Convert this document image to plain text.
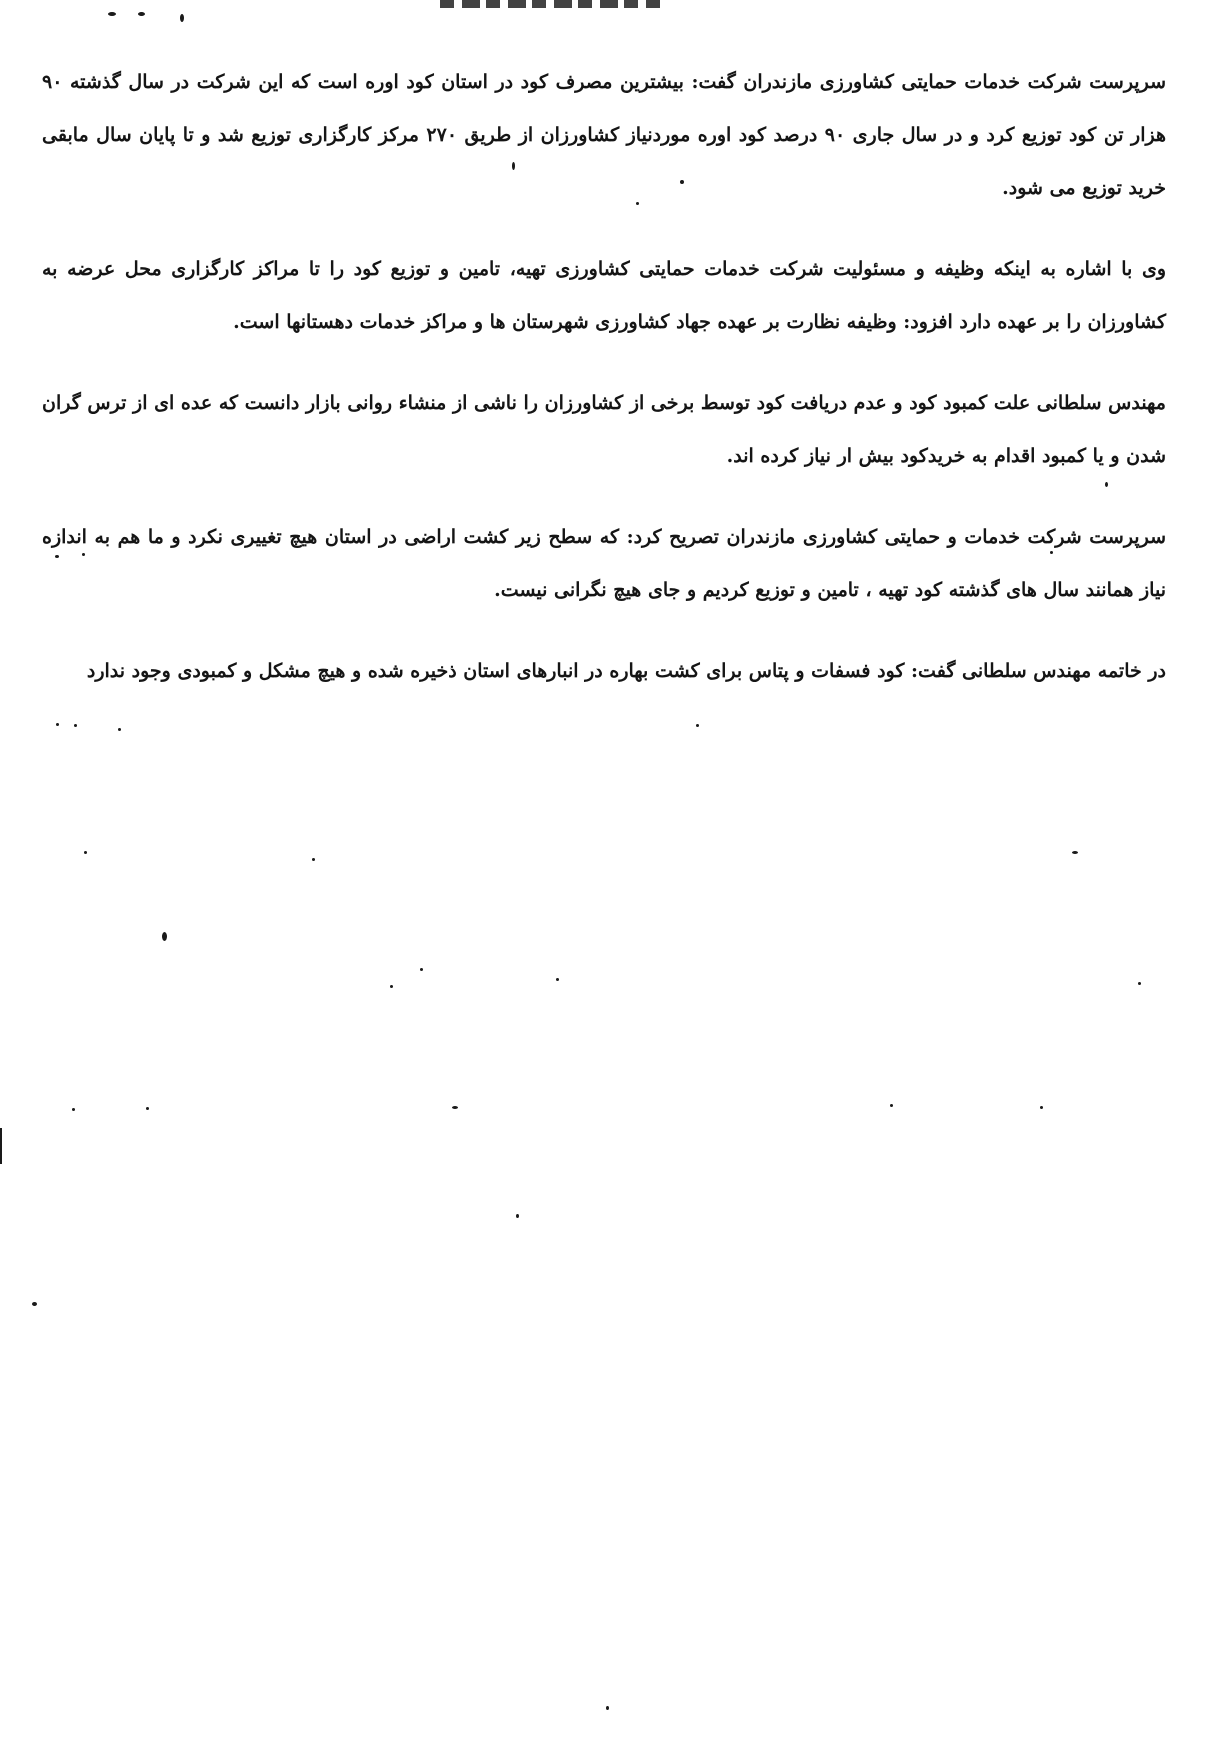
سرپرست شرکت خدمات حمایتی کشاورزی مازندران گفت: بیشترین مصرف کود در استان کود اوره است که این شرکت در سال گذشته ۹۰ هزار تن کود توزیع کرد و در سال جاری ۹۰ درصد کود اوره موردنیاز کشاورزان از طریق ۲۷۰ مرکز کارگزاری توزیع شد و تا پایان سال مابقی خرید توزیع می شود.

وی با اشاره به اینکه وظیفه و مسئولیت شرکت خدمات حمایتی کشاورزی تهیه، تامین و توزیع کود را تا مراکز کارگزاری محل عرضه به کشاورزان را بر عهده دارد افزود: وظیفه نظارت بر عهده جهاد کشاورزی شهرستان ها و مراکز خدمات دهستانها است.

مهندس سلطانی علت کمبود کود و عدم دریافت کود توسط برخی از کشاورزان را ناشی از منشاء روانی بازار دانست که عده ای از ترس گران شدن و یا کمبود اقدام به خریدکود بیش ار نیاز کرده اند.

سرپرست شرکت خدمات و حمایتی کشاورزی مازندران تصریح کرد: که سطح زیر کشت اراضی در استان هیچ تغییری نکرد و ما هم به اندازه نیاز همانند سال های گذشته کود تهیه ، تامین و توزیع کردیم و جای هیچ نگرانی نیست.

در خاتمه مهندس سلطانی گفت: کود فسفات و پتاس برای کشت بهاره در انبارهای استان ذخیره شده و هیچ مشکل و کمبودی وجود ندارد
